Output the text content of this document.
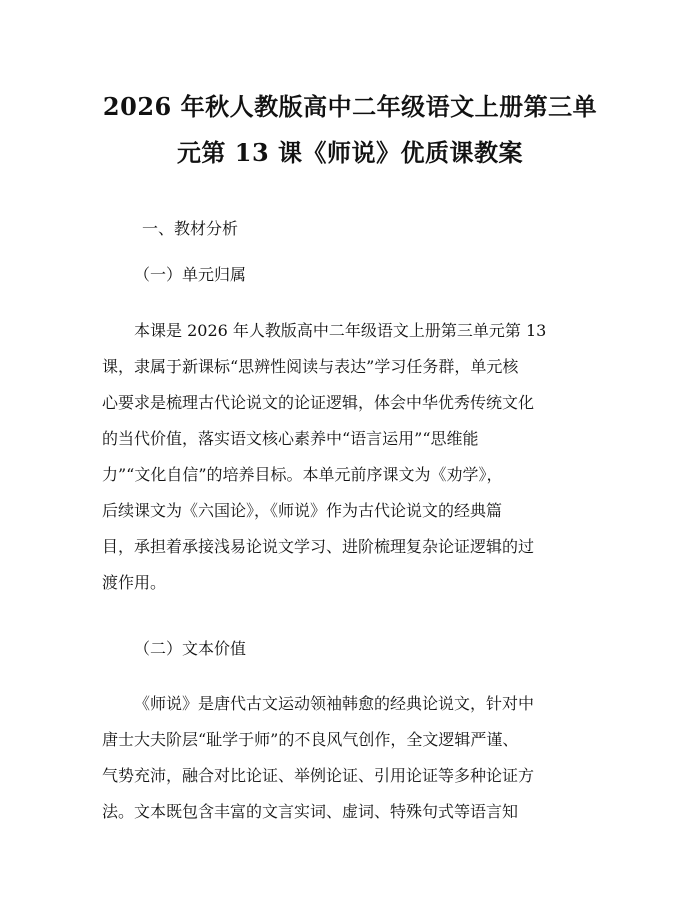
2026 年秋人教版高中二年级语文上册第三单
元第 13 课《师说》优质课教案

一、教材分析

（一）单元归属

本课是 2026 年人教版高中二年级语文上册第三单元第 13
课，隶属于新课标“思辨性阅读与表达”学习任务群，单元核
心要求是梳理古代论说文的论证逻辑，体会中华优秀传统文化
的当代价值，落实语文核心素养中“语言运用”“思维能
力”“文化自信”的培养目标。本单元前序课文为《劝学》，
后续课文为《六国论》，《师说》作为古代论说文的经典篇
目，承担着承接浅易论说文学习、进阶梳理复杂论证逻辑的过
渡作用。

（二）文本价值

《师说》是唐代古文运动领袖韩愈的经典论说文，针对中
唐士大夫阶层“耻学于师”的不良风气创作，全文逻辑严谨、
气势充沛，融合对比论证、举例论证、引用论证等多种论证方
法。文本既包含丰富的文言实词、虚词、特殊句式等语言知
